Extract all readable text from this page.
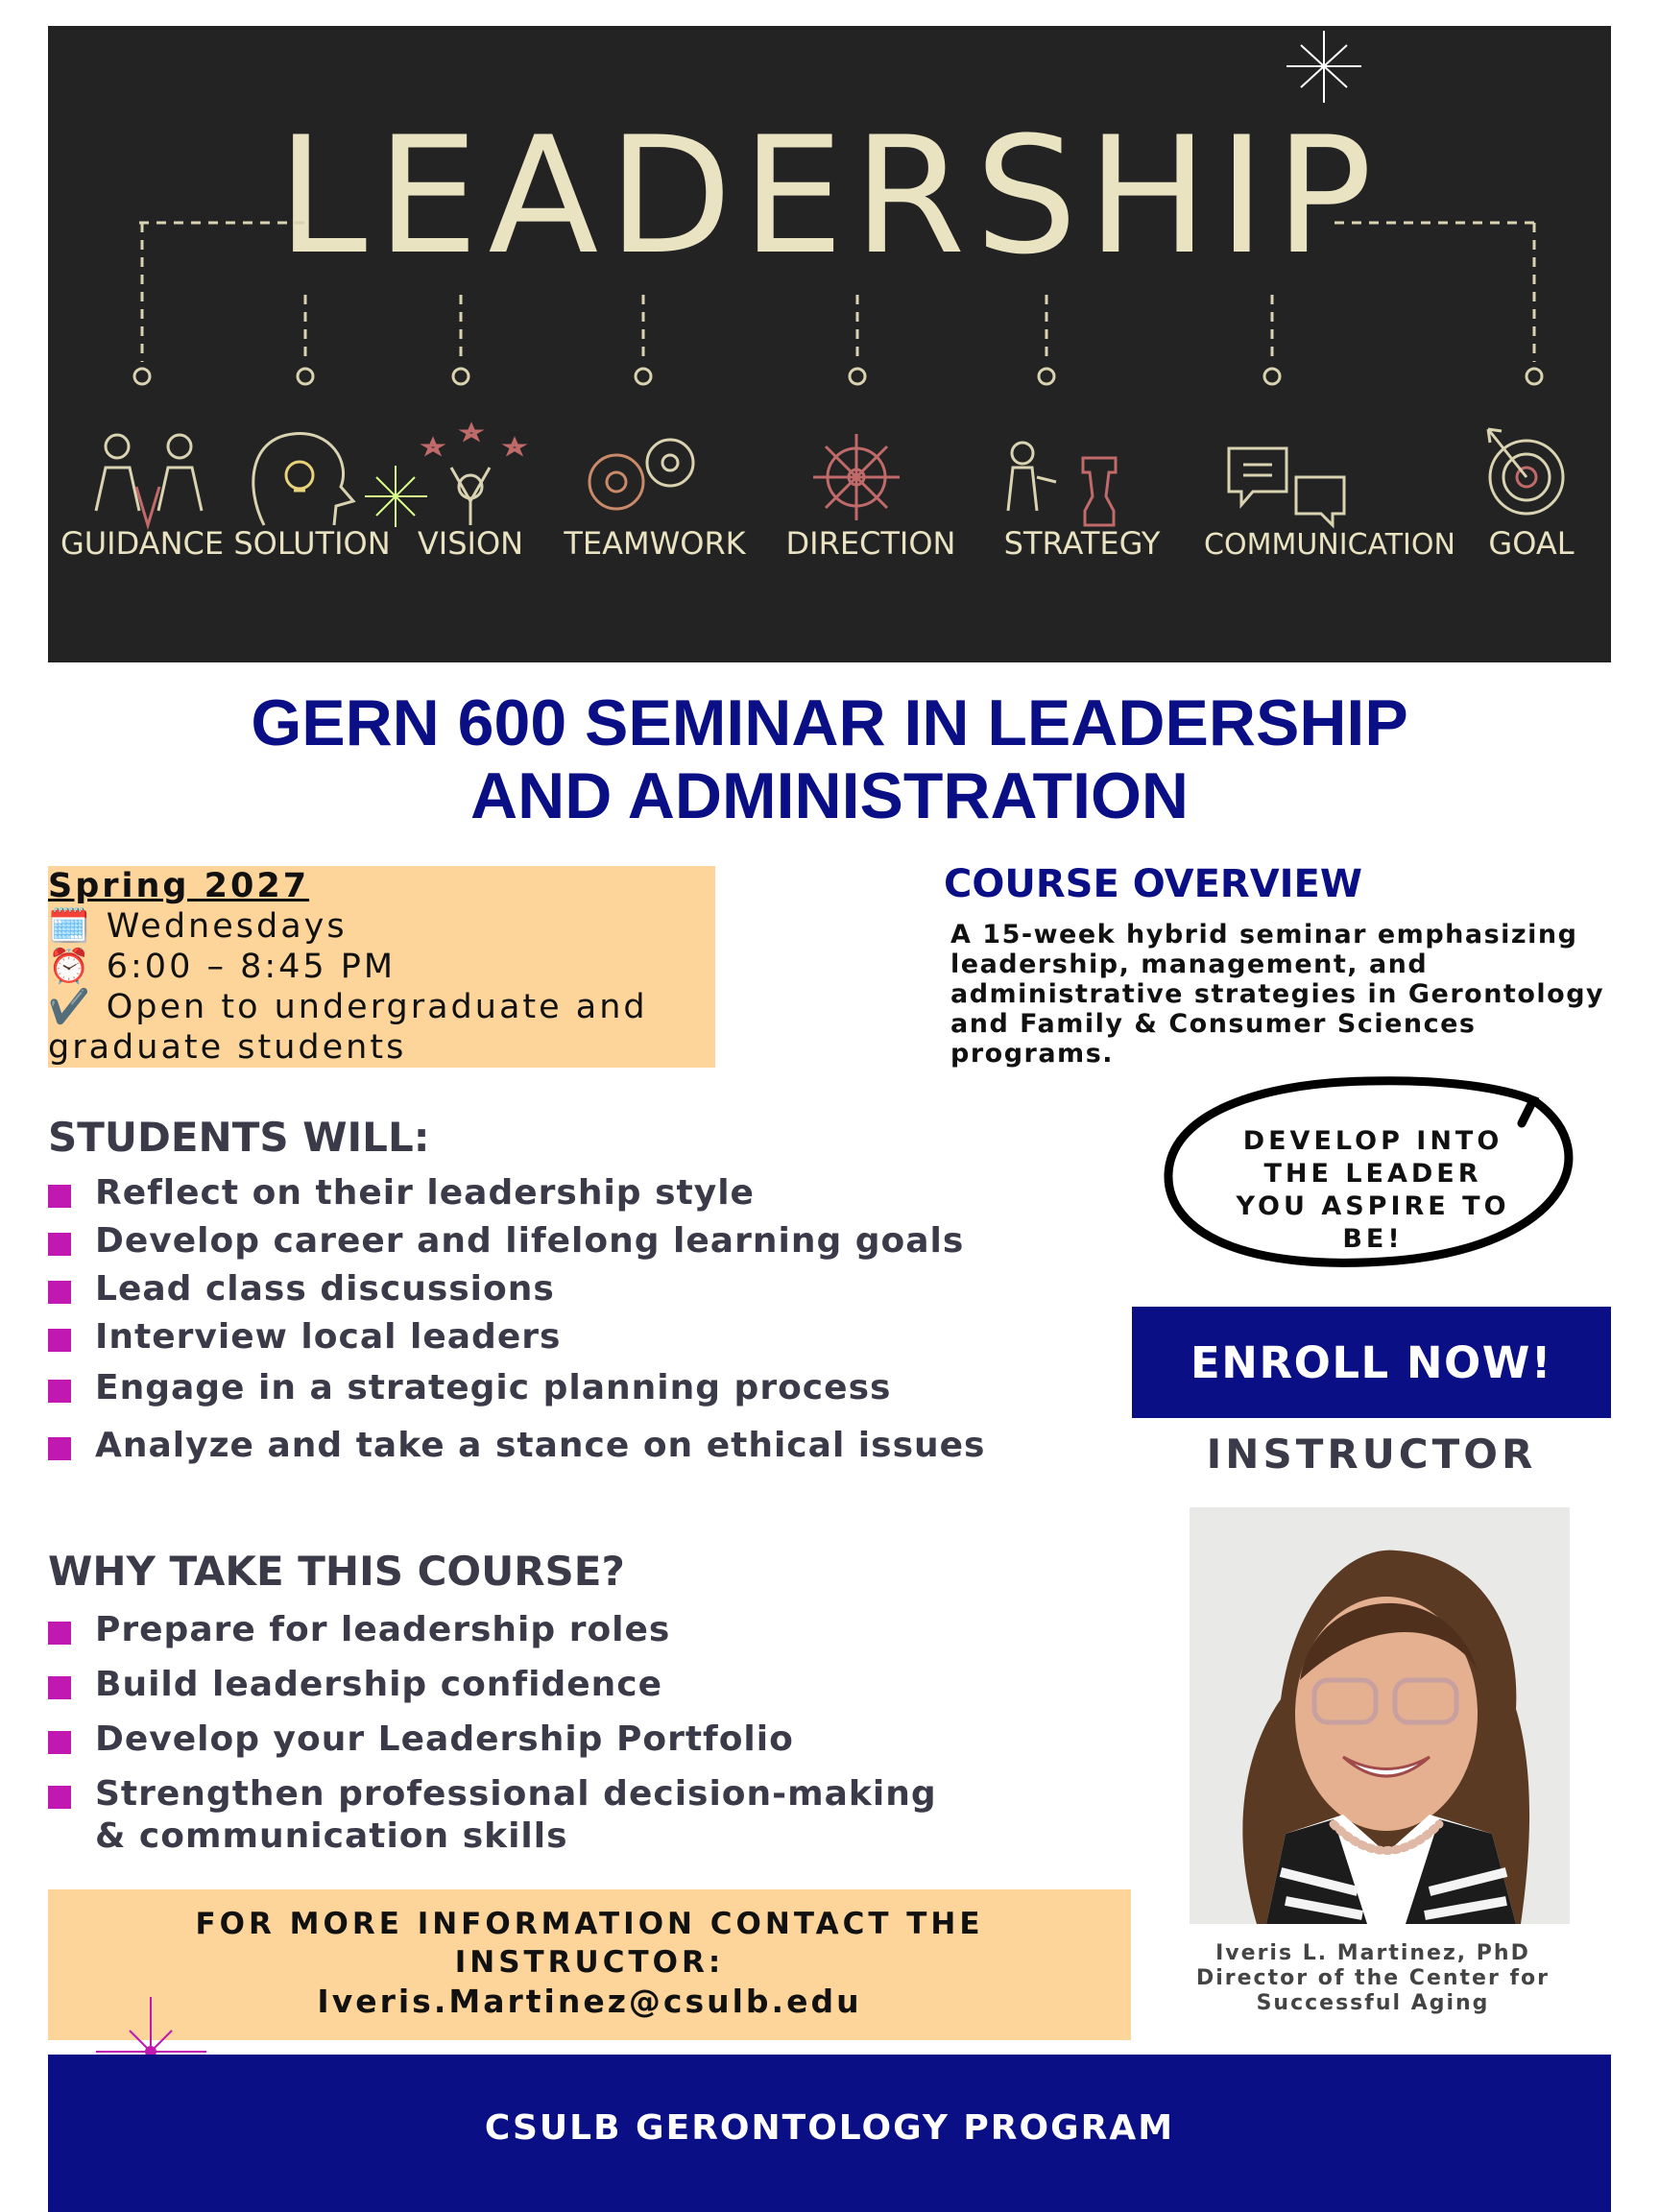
LEADERSHIP
GUIDANCE SOLUTION VISION TEAMWORK DIRECTION STRATEGY COMMUNICATION GOAL
GERN 600 SEMINAR IN LEADERSHIP
AND ADMINISTRATION
Spring 2027
🗓️ Wednesdays
⏰ 6:00 – 8:45 PM
✔️ Open to undergraduate and
graduate students
COURSE OVERVIEW
A 15-week hybrid seminar emphasizing leadership, management, and administrative strategies in Gerontology and Family & Consumer Sciences programs.
DEVELOP INTO
THE LEADER
YOU ASPIRE TO
BE!
STUDENTS WILL:
Reflect on their leadership style
Develop career and lifelong learning goals
Lead class discussions
Interview local leaders
Engage in a strategic planning process
Analyze and take a stance on ethical issues
WHY TAKE THIS COURSE?
Prepare for leadership roles
Build leadership confidence
Develop your Leadership Portfolio
Strengthen professional decision-making
& communication skills
ENROLL NOW!
INSTRUCTOR
Iveris L. Martinez, PhD
Director of the Center for
Successful Aging
FOR MORE INFORMATION CONTACT THE
INSTRUCTOR:
Iveris.Martinez@csulb.edu
CSULB GERONTOLOGY PROGRAM
